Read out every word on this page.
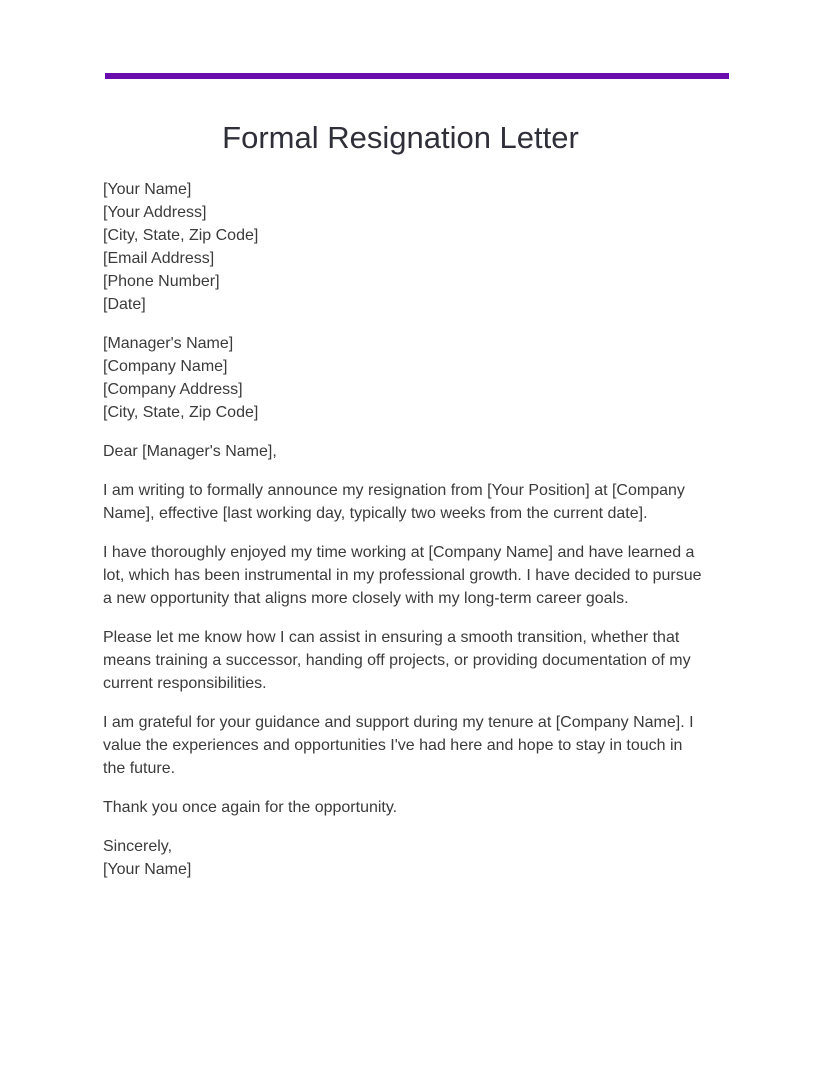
Formal Resignation Letter
[Your Name]
[Your Address]
[City, State, Zip Code]
[Email Address]
[Phone Number]
[Date]
[Manager's Name]
[Company Name]
[Company Address]
[City, State, Zip Code]

Dear [Manager's Name],

I am writing to formally announce my resignation from [Your Position] at [Company Name], effective [last working day, typically two weeks from the current date].

I have thoroughly enjoyed my time working at [Company Name] and have learned a lot, which has been instrumental in my professional growth. I have decided to pursue a new opportunity that aligns more closely with my long-term career goals.

Please let me know how I can assist in ensuring a smooth transition, whether that means training a successor, handing off projects, or providing documentation of my current responsibilities.

I am grateful for your guidance and support during my tenure at [Company Name]. I value the experiences and opportunities I've had here and hope to stay in touch in the future.

Thank you once again for the opportunity.

Sincerely,
[Your Name]
